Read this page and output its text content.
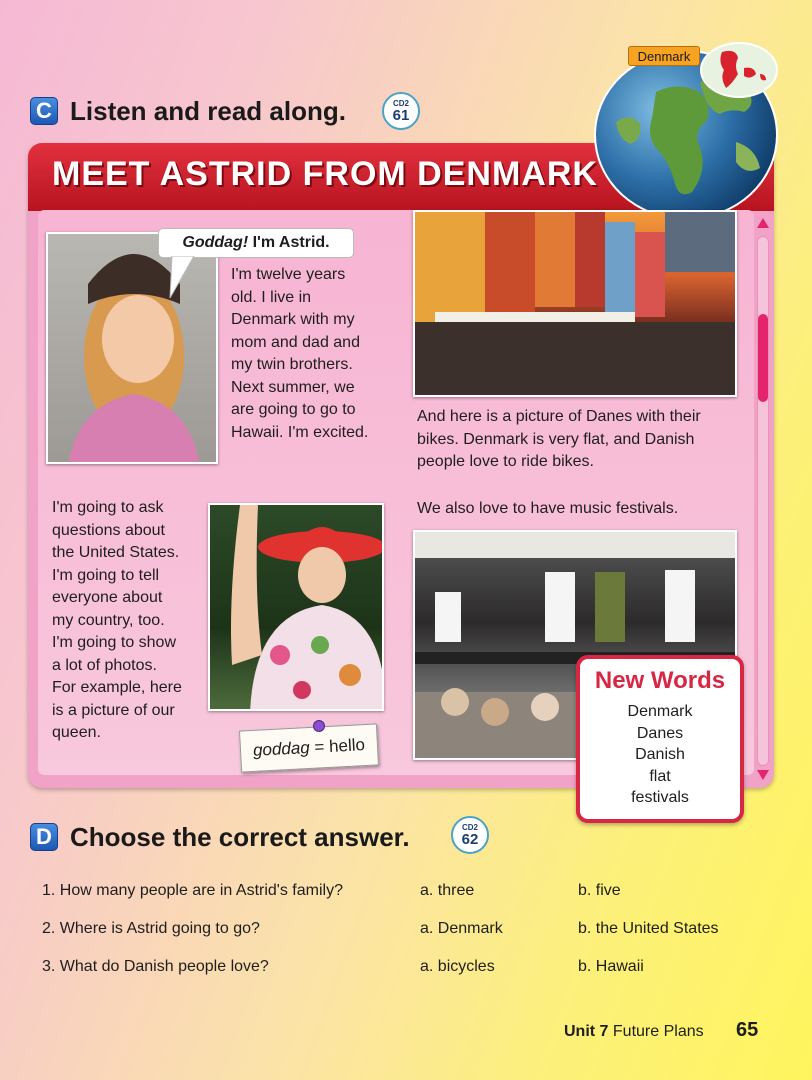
C Listen and read along.	CD2
61
MEET ASTRID FROM DENMARK
Denmark
Goddag! I'm Astrid.
I'm twelve years
old. I live in
Denmark with my
mom and dad and
my twin brothers.
Next summer, we
are going to go to
Hawaii. I'm excited.
And here is a picture of Danes with their
bikes. Denmark is very flat, and Danish
people love to ride bikes.
I'm going to ask
questions about
the United States.
I'm going to tell
everyone about
my country, too.
I'm going to show
a lot of photos.
For example, here
is a picture of our
queen.
goddag = hello
We also love to have music festivals.
New Words
Denmark
Danes
Danish
flat
festivals
D Choose the correct answer.	CD2
62
1. How many people are in Astrid's family?	a. three	b. five
2. Where is Astrid going to go?	a. Denmark	b. the United States
3. What do Danish people love?	a. bicycles	b. Hawaii
Unit 7 Future Plans 65
